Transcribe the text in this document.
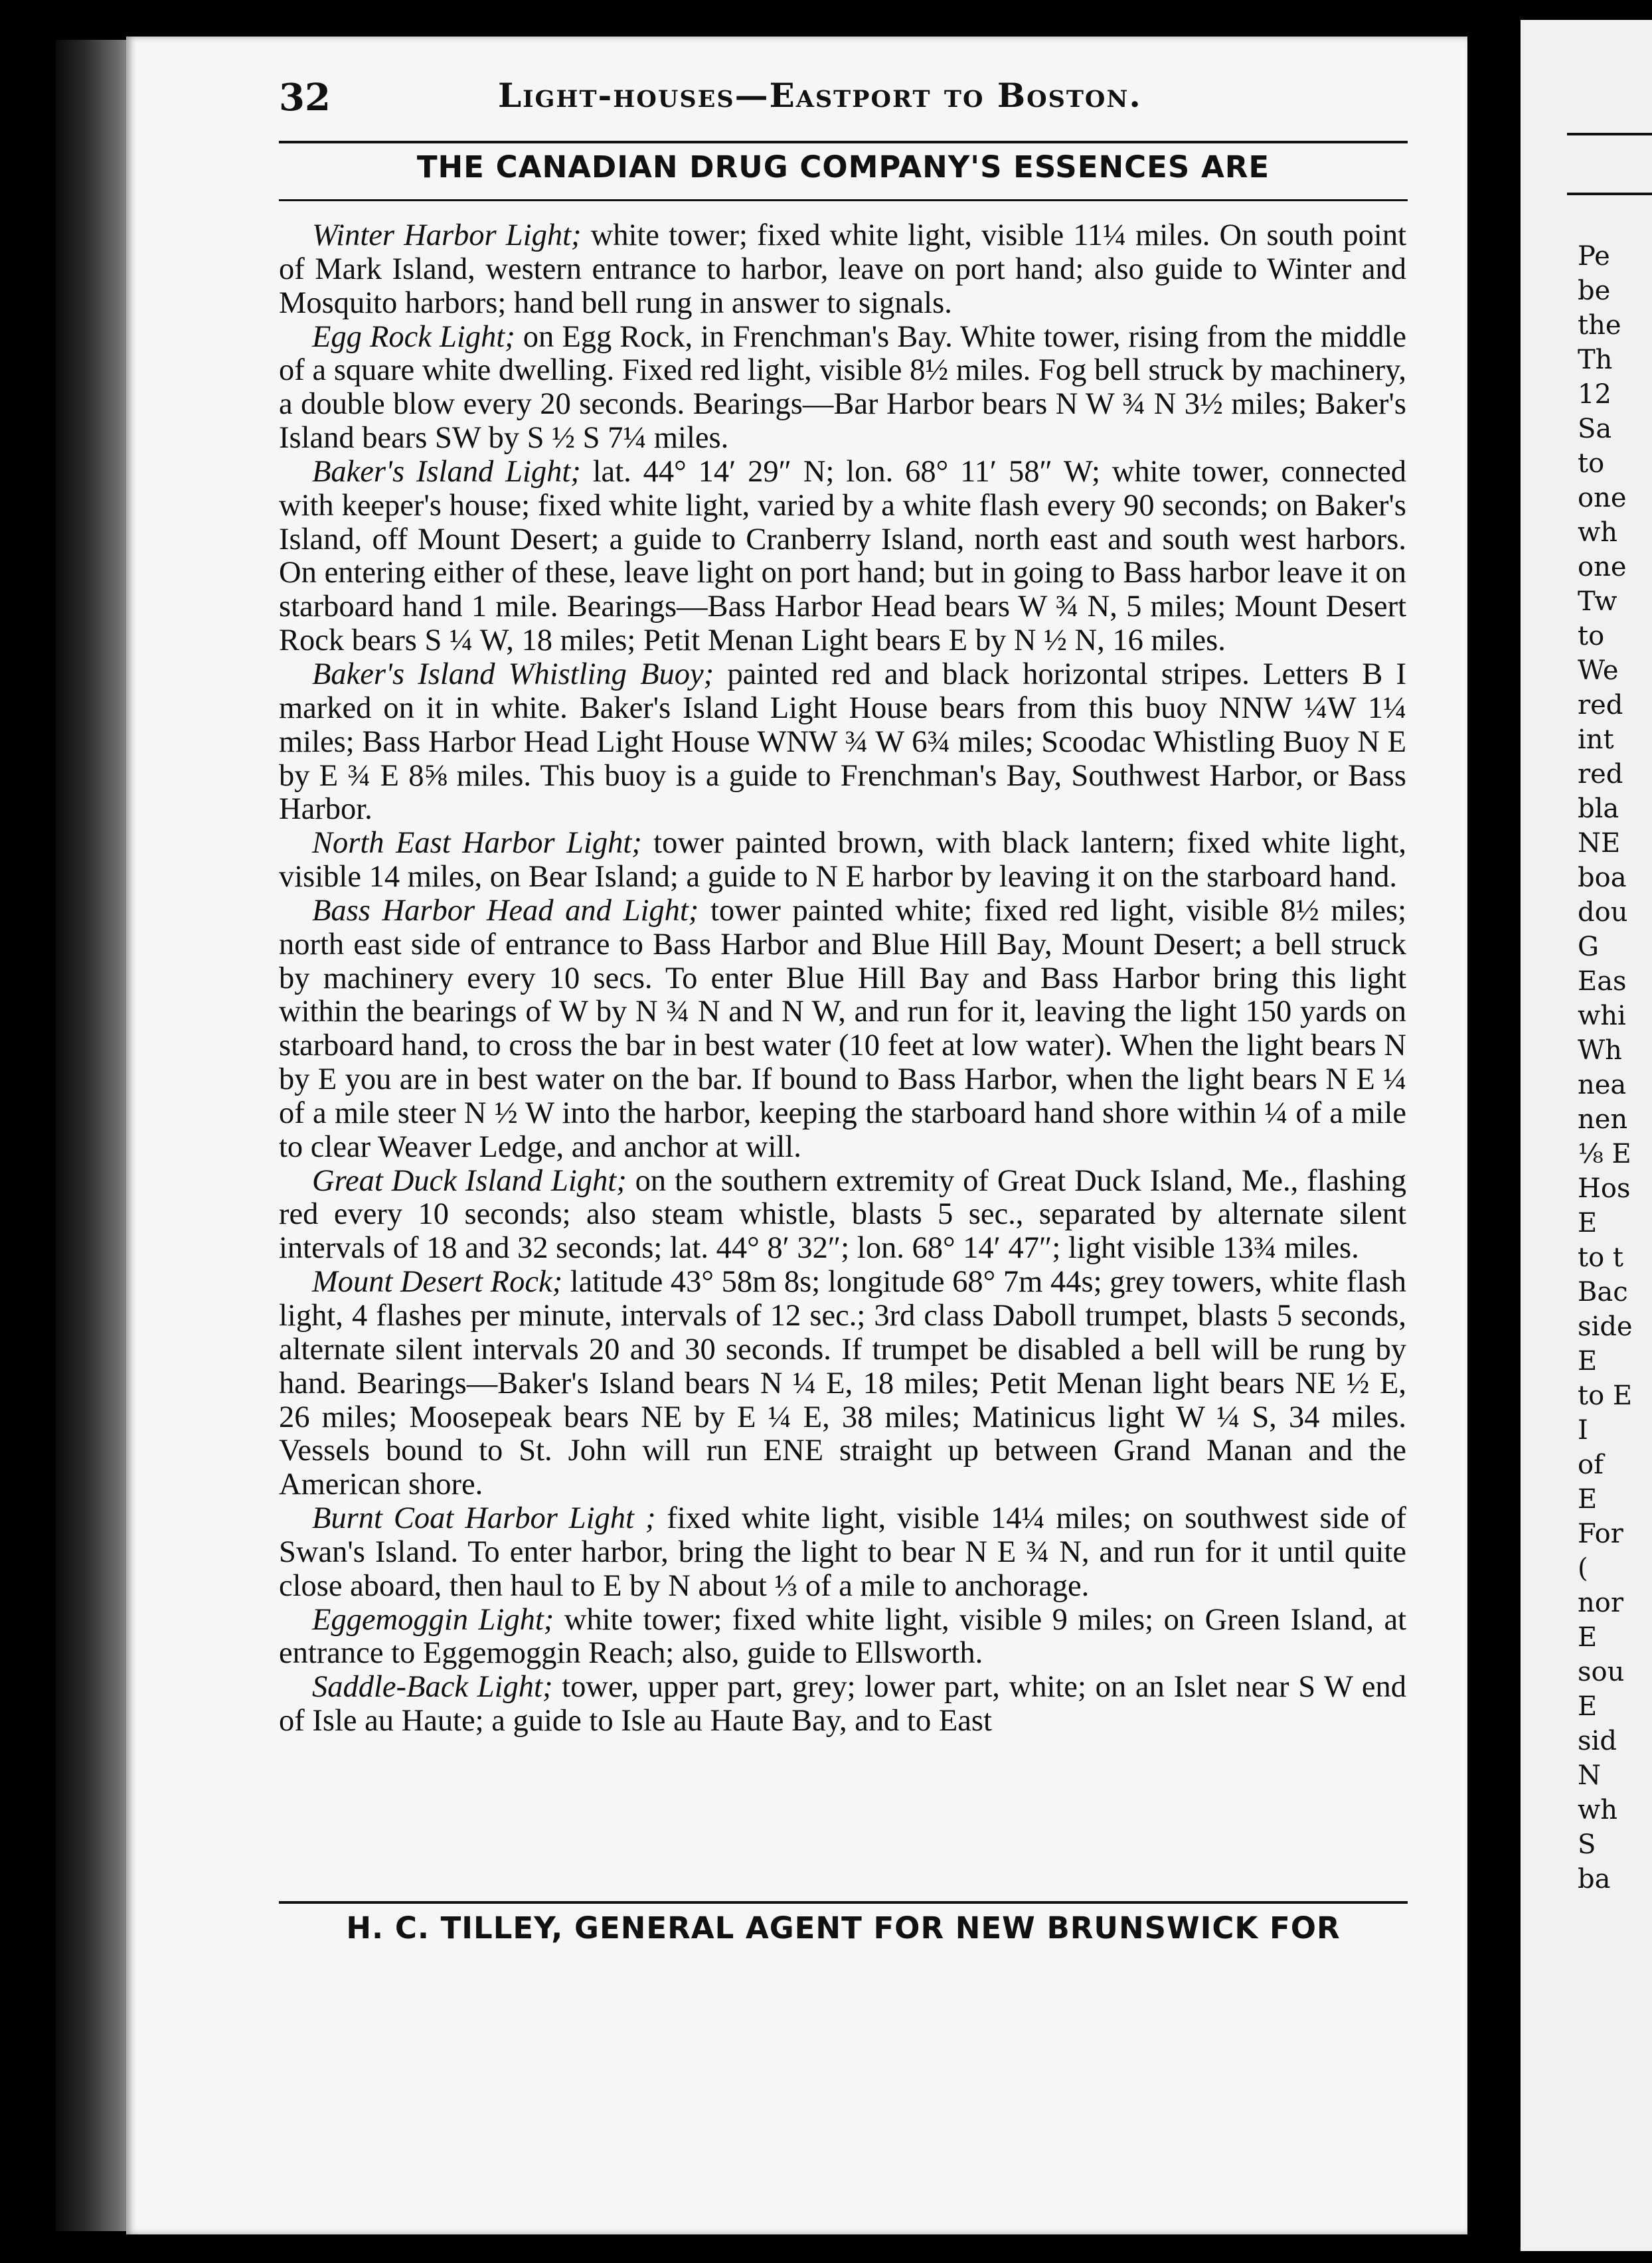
32	Light-houses—Eastport to Boston.
THE CANADIAN DRUG COMPANY'S ESSENCES ARE

Winter Harbor Light; white tower; fixed white light, visible 11¼ miles. On south point of Mark Island, western entrance to harbor, leave on port hand; also guide to Winter and Mosquito harbors; hand bell rung in answer to signals.

Egg Rock Light; on Egg Rock, in Frenchman's Bay. White tower, rising from the middle of a square white dwelling. Fixed red light, visible 8½ miles. Fog bell struck by machinery, a double blow every 20 seconds. Bearings—Bar Harbor bears N W ¾ N 3½ miles; Baker's Island bears SW by S ½ S 7¼ miles.

Baker's Island Light; lat. 44° 14′ 29″ N; lon. 68° 11′ 58″ W; white tower, connected with keeper's house; fixed white light, varied by a white flash every 90 seconds; on Baker's Island, off Mount Desert; a guide to Cranberry Island, north east and south west harbors. On entering either of these, leave light on port hand; but in going to Bass harbor leave it on starboard hand 1 mile. Bearings—Bass Harbor Head bears W ¾ N, 5 miles; Mount Desert Rock bears S ¼ W, 18 miles; Petit Menan Light bears E by N ½ N, 16 miles.

Baker's Island Whistling Buoy; painted red and black horizontal stripes. Letters B I marked on it in white. Baker's Island Light House bears from this buoy NNW ¼W 1¼ miles; Bass Harbor Head Light House WNW ¾ W 6¾ miles; Scoodac Whistling Buoy N E by E ¾ E 8⅝ miles. This buoy is a guide to Frenchman's Bay, Southwest Harbor, or Bass Harbor.

North East Harbor Light; tower painted brown, with black lantern; fixed white light, visible 14 miles, on Bear Island; a guide to N E harbor by leaving it on the starboard hand.

Bass Harbor Head and Light; tower painted white; fixed red light, visible 8½ miles; north east side of entrance to Bass Harbor and Blue Hill Bay, Mount Desert; a bell struck by machinery every 10 secs. To enter Blue Hill Bay and Bass Harbor bring this light within the bearings of W by N ¾ N and N W, and run for it, leaving the light 150 yards on starboard hand, to cross the bar in best water (10 feet at low water). When the light bears N by E you are in best water on the bar. If bound to Bass Harbor, when the light bears N E ¼ of a mile steer N ½ W into the harbor, keeping the starboard hand shore within ¼ of a mile to clear Weaver Ledge, and anchor at will.

Great Duck Island Light; on the southern extremity of Great Duck Island, Me., flashing red every 10 seconds; also steam whistle, blasts 5 sec., separated by alternate silent intervals of 18 and 32 seconds; lat. 44° 8′ 32″; lon. 68° 14′ 47″; light visible 13¾ miles.

Mount Desert Rock; latitude 43° 58m 8s; longitude 68° 7m 44s; grey towers, white flash light, 4 flashes per minute, intervals of 12 sec.; 3rd class Daboll trumpet, blasts 5 seconds, alternate silent intervals 20 and 30 seconds. If trumpet be disabled a bell will be rung by hand. Bearings—Baker's Island bears N ¼ E, 18 miles; Petit Menan light bears NE ½ E, 26 miles; Moosepeak bears NE by E ¼ E, 38 miles; Matinicus light W ¼ S, 34 miles. Vessels bound to St. John will run ENE straight up between Grand Manan and the American shore.

Burnt Coat Harbor Light ; fixed white light, visible 14¼ miles; on southwest side of Swan's Island. To enter harbor, bring the light to bear N E ¾ N, and run for it until quite close aboard, then haul to E by N about ⅓ of a mile to anchorage.

Eggemoggin Light; white tower; fixed white light, visible 9 miles; on Green Island, at entrance to Eggemoggin Reach; also, guide to Ellsworth.

Saddle-Back Light; tower, upper part, grey; lower part, white; on an Islet near S W end of Isle au Haute; a guide to Isle au Haute Bay, and to East

H. C. TILLEY, GENERAL AGENT FOR NEW BRUNSWICK FOR
Pe
be
the
Th
12
Sa
to
one
wh
one
Tw
to
We
red
int
red
bla
NE
boa
dou
G
Eas
whi
Wh
nea
nen
⅛ E
Hos
E
to t
Bac
side
E
to E
I
of
E
For
(
nor
E
sou
E
sid
N
wh
S
ba
